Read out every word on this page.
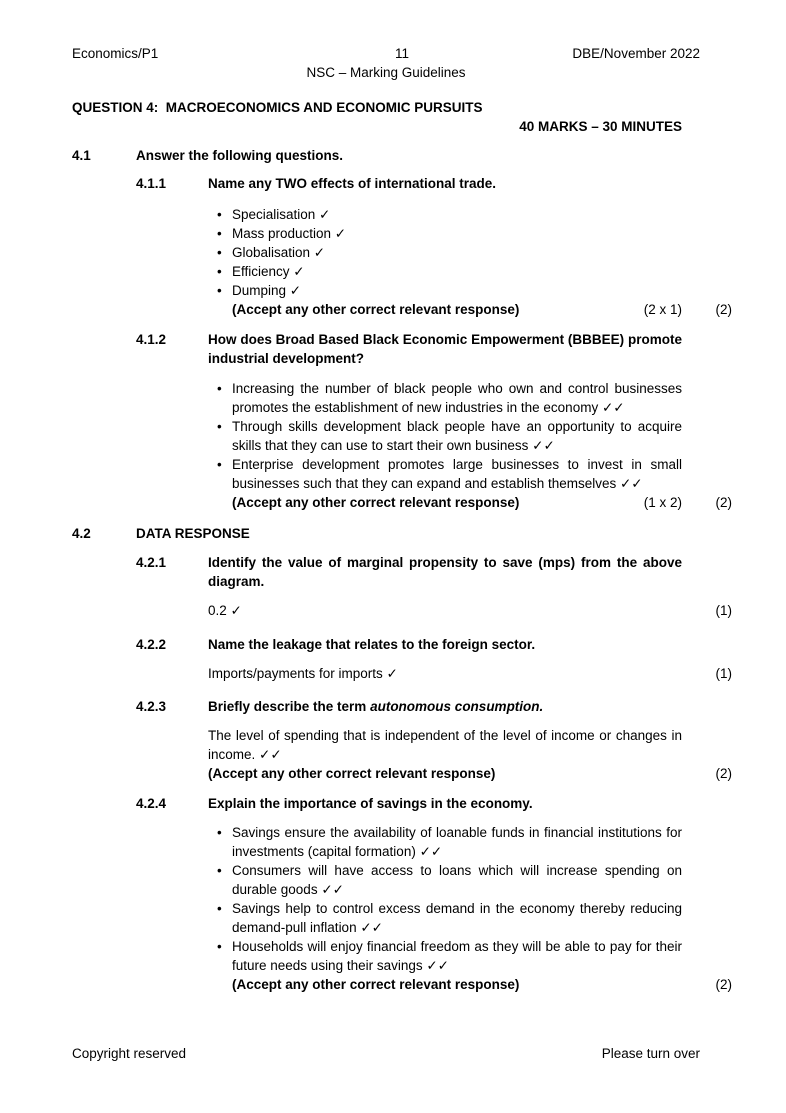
Economics/P1	11	DBE/November 2022
NSC – Marking Guidelines
QUESTION 4:  MACROECONOMICS AND ECONOMIC PURSUITS
40 MARKS – 30 MINUTES
4.1	Answer the following questions.
4.1.1	Name any TWO effects of international trade.
• Specialisation ✓
• Mass production ✓
• Globalisation ✓
• Efficiency ✓
• Dumping ✓
(Accept any other correct relevant response)	(2 x 1)	(2)
4.1.2	How does Broad Based Black Economic Empowerment (BBBEE) promote industrial development?
• Increasing the number of black people who own and control businesses promotes the establishment of new industries in the economy ✓✓
• Through skills development black people have an opportunity to acquire skills that they can use to start their own business ✓✓
• Enterprise development promotes large businesses to invest in small businesses such that they can expand and establish themselves ✓✓
(Accept any other correct relevant response)	(1 x 2)	(2)
4.2	DATA RESPONSE
4.2.1	Identify the value of marginal propensity to save (mps) from the above diagram.
0.2 ✓	(1)
4.2.2	Name the leakage that relates to the foreign sector.
Imports/payments for imports ✓	(1)
4.2.3	Briefly describe the term autonomous consumption.
The level of spending that is independent of the level of income or changes in income. ✓✓
(Accept any other correct relevant response)	(2)
4.2.4	Explain the importance of savings in the economy.
• Savings ensure the availability of loanable funds in financial institutions for investments (capital formation) ✓✓
• Consumers will have access to loans which will increase spending on durable goods ✓✓
• Savings help to control excess demand in the economy thereby reducing demand-pull inflation ✓✓
• Households will enjoy financial freedom as they will be able to pay for their future needs using their savings ✓✓
(Accept any other correct relevant response)	(2)
Copyright reserved	Please turn over
